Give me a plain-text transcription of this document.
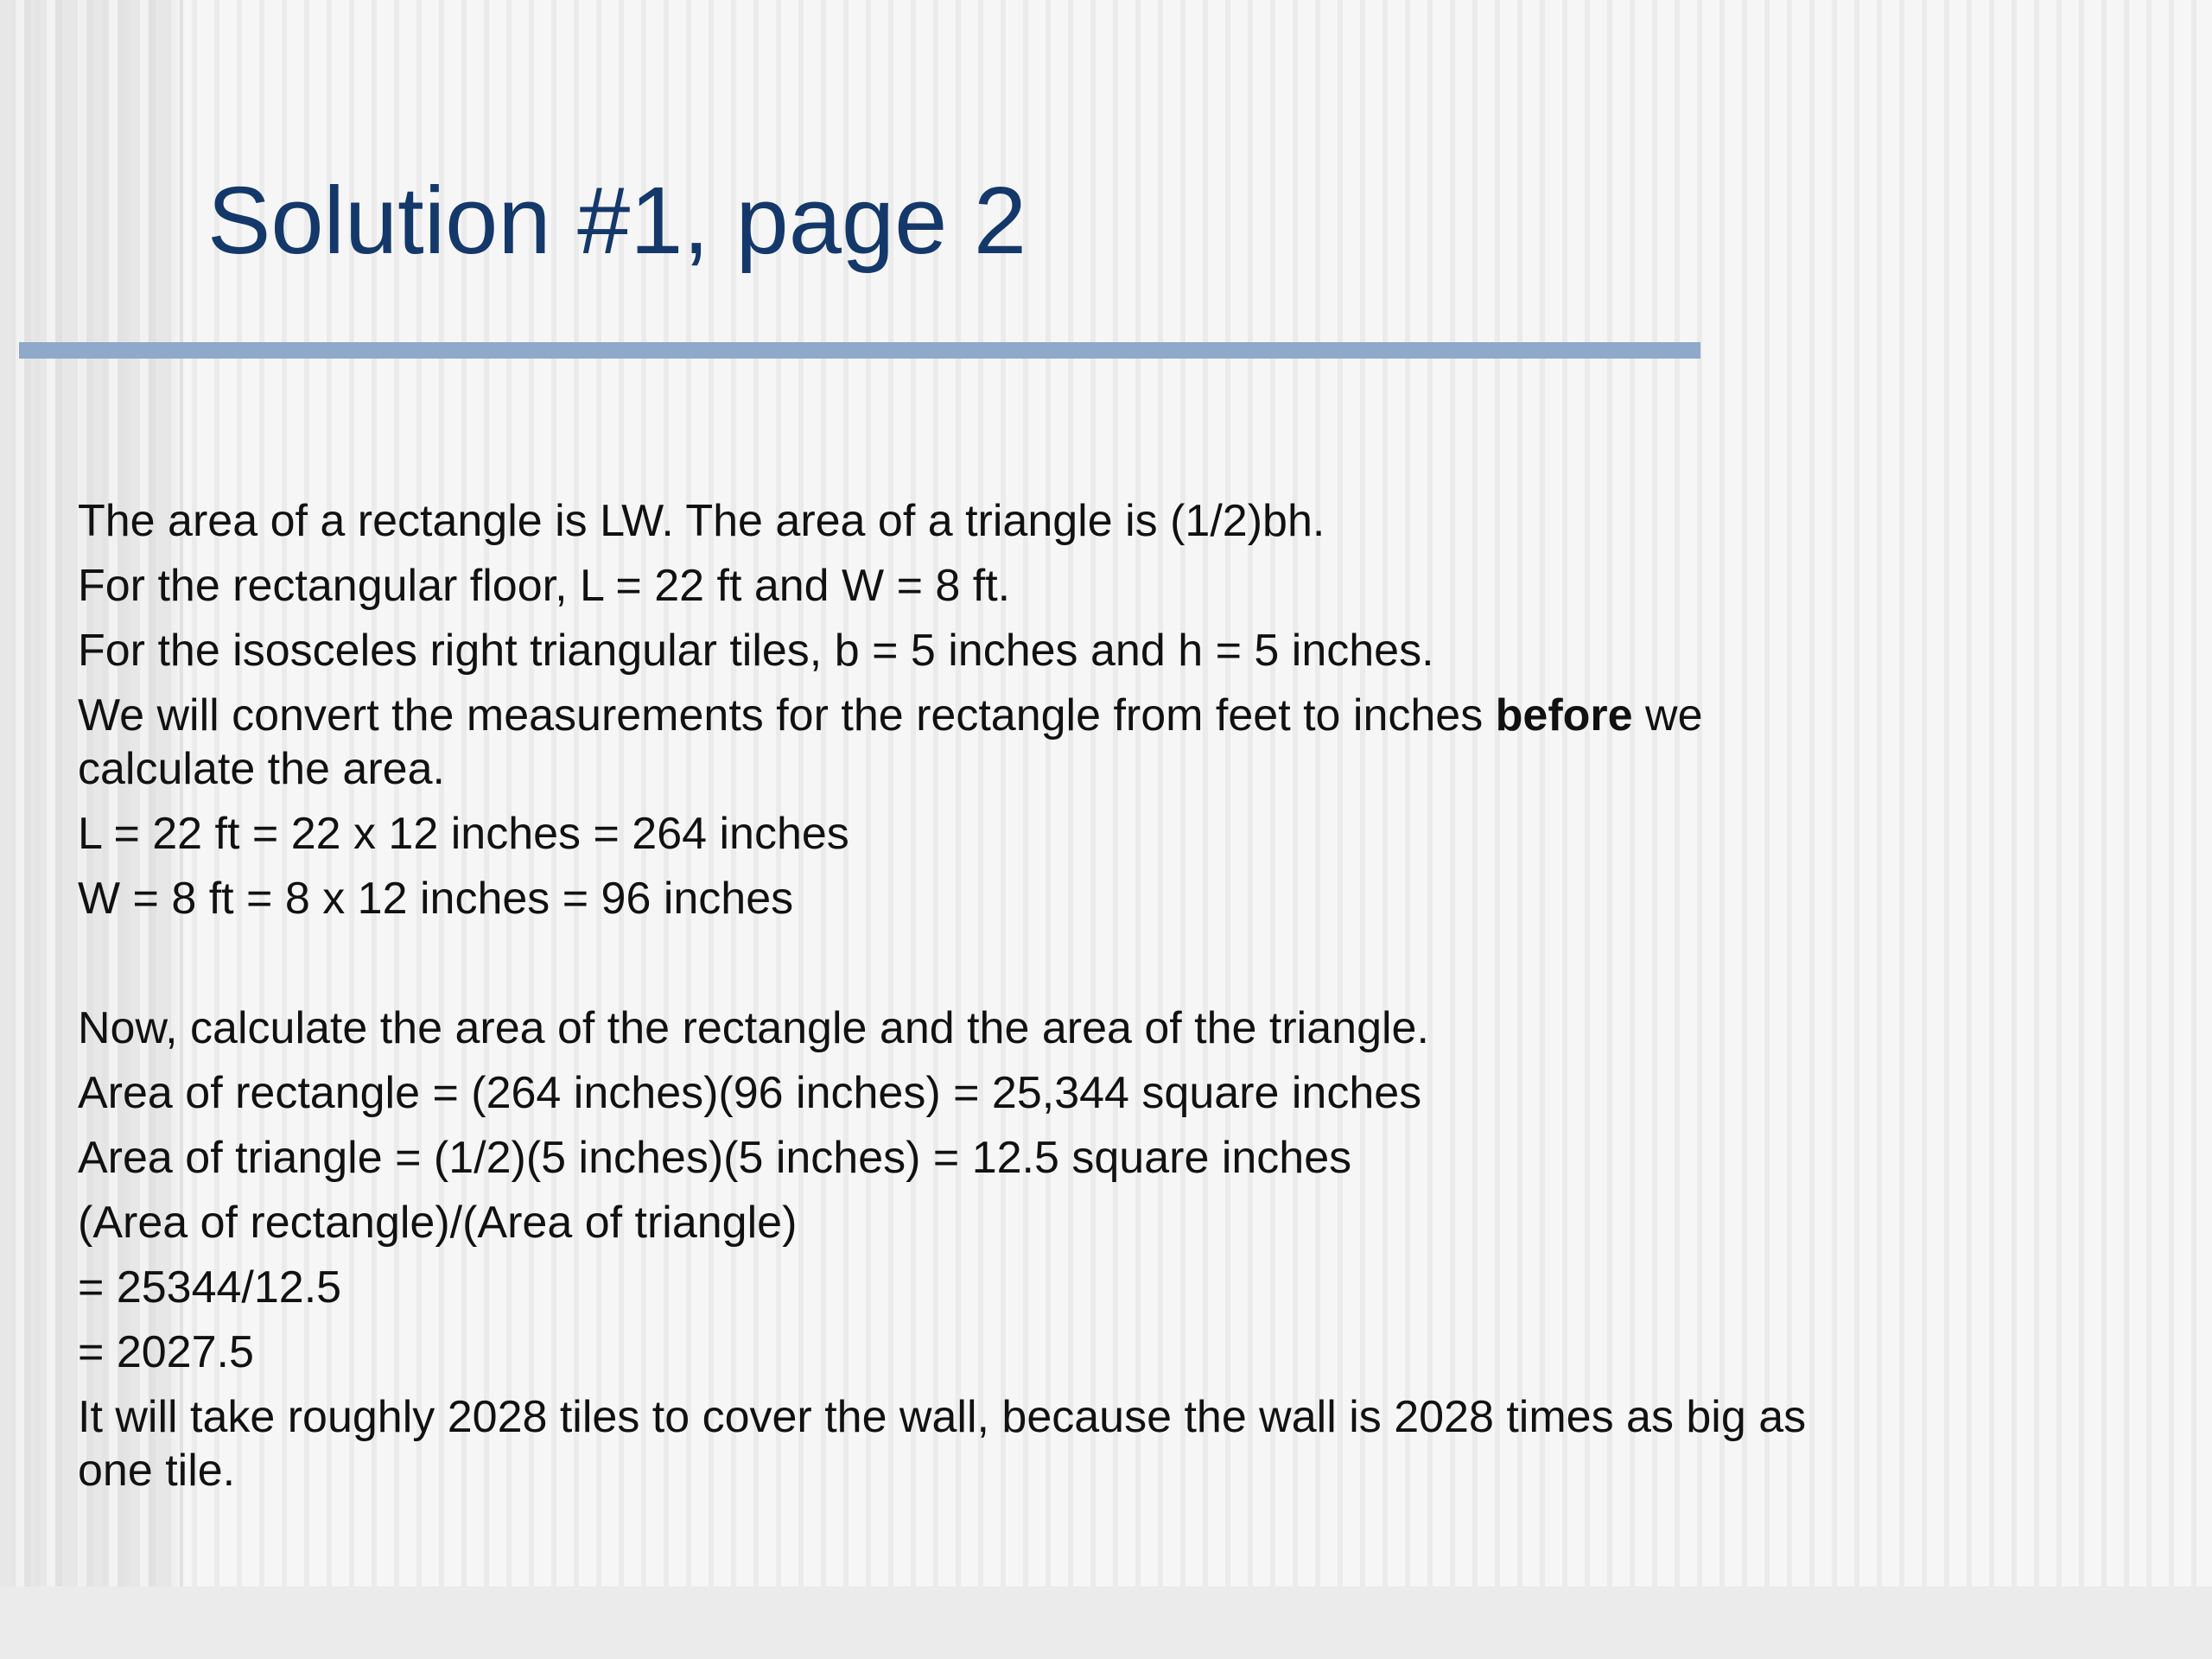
Solution #1, page 2

The area of a rectangle is LW. The area of a triangle is (1/2)bh.

For the rectangular floor, L = 22 ft and W = 8 ft.

For the isosceles right triangular tiles, b = 5 inches and h = 5 inches.

We will convert the measurements for the rectangle from feet to inches before we
calculate the area.

L = 22 ft = 22 x 12 inches = 264 inches

W = 8 ft = 8 x 12 inches = 96 inches

Now, calculate the area of the rectangle and the area of the triangle.

Area of rectangle = (264 inches)(96 inches) = 25,344 square inches

Area of triangle = (1/2)(5 inches)(5 inches) = 12.5 square inches

(Area of rectangle)/(Area of triangle)

= 25344/12.5

= 2027.5

It will take roughly 2028 tiles to cover the wall, because the wall is 2028 times as big as
one tile.
